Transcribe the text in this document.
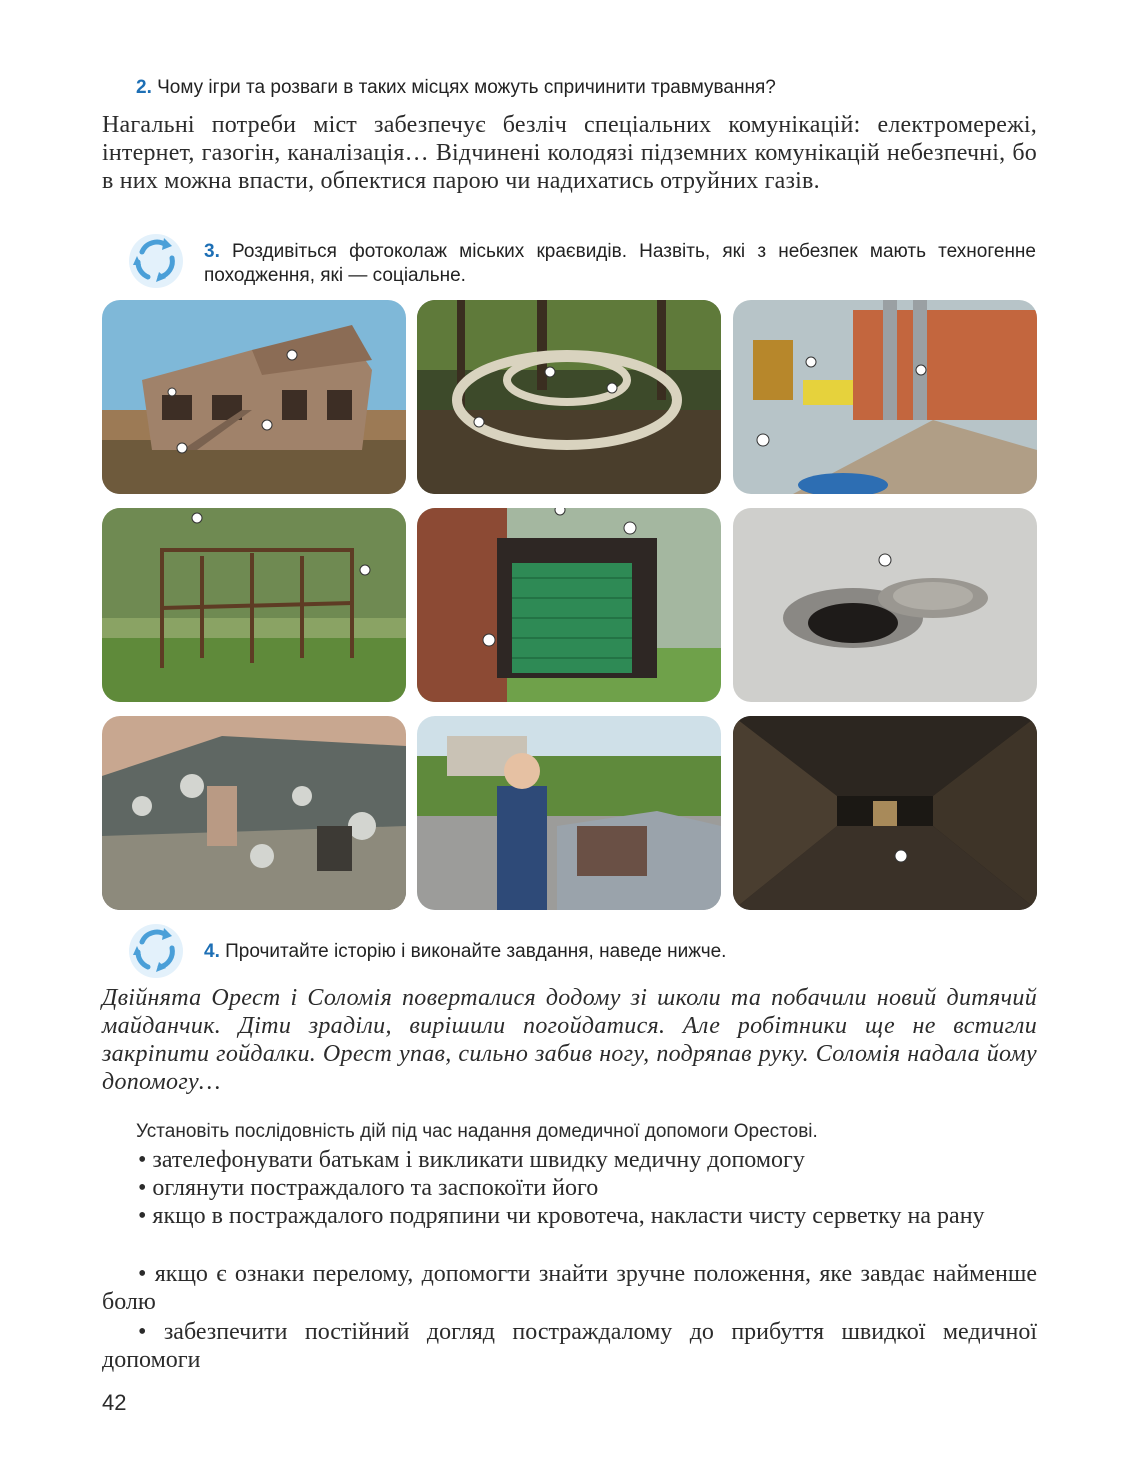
2. Чому ігри та розваги в таких місцях можуть спричинити травмування?
Нагальні потреби міст забезпечує безліч спеціальних комунікацій: електромережі, інтернет, газогін, каналізація… Відчинені колодязі підземних комунікацій небезпечні, бо в них можна впасти, обпектися парою чи надихатись отруйних газів.
3. Роздивіться фотоколаж міських краєвидів. Назвіть, які з небезпек мають техногенне походження, які — соціальне.
4. Прочитайте історію і виконайте завдання, наведе нижче.
Двійнята Орест і Соломія поверталися додому зі школи та побачили новий дитячий майданчик. Діти зраділи, вирішили погойдатися. Але робітники ще не встигли закріпити гойдалки. Орест упав, сильно забив ногу, подряпав руку. Соломія надала йому допомогу…
Установіть послідовність дій під час надання домедичної допомоги Орестові.
• зателефонувати батькам і викликати швидку медичну допомогу
• оглянути постраждалого та заспокоїти його
• якщо в постраждалого подряпини чи кровотеча, накласти чисту серветку на рану
• якщо є ознаки перелому, допомогти знайти зручне положення, яке завдає найменше болю
• забезпечити постійний догляд постраждалому до прибуття швидкої медичної допомоги
42
